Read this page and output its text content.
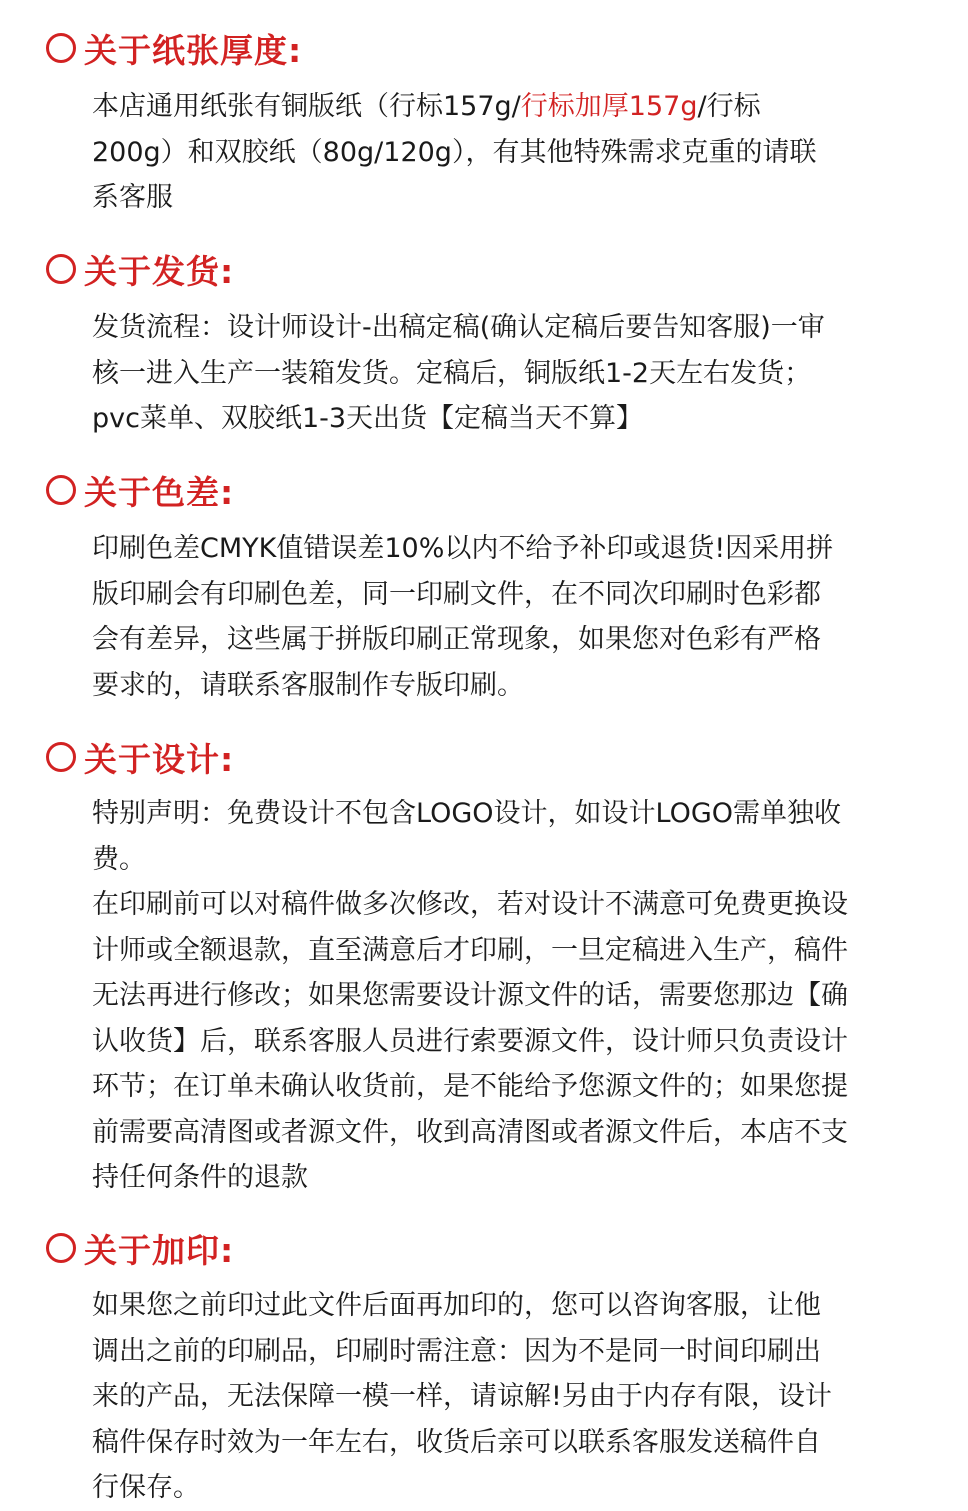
关于纸张厚度:

本店通用纸张有铜版纸（行标157g/行标加厚157g/行标
200g）和双胶纸（80g/120g），有其他特殊需求克重的请联
系客服

关于发货:

发货流程：设计师设计-出稿定稿(确认定稿后要告知客服)一审
核一进入生产一装箱发货。定稿后，铜版纸1-2天左右发货；
pvc菜单、双胶纸1-3天出货【定稿当天不算】

关于色差:

印刷色差CMYK值错误差10%以内不给予补印或退货!因采用拼
版印刷会有印刷色差，同一印刷文件，在不同次印刷时色彩都
会有差异，这些属于拼版印刷正常现象，如果您对色彩有严格
要求的，请联系客服制作专版印刷。

关于设计:

特别声明：免费设计不包含LOGO设计，如设计LOGO需单独收
费。
在印刷前可以对稿件做多次修改，若对设计不满意可免费更换设
计师或全额退款，直至满意后才印刷，一旦定稿进入生产，稿件
无法再进行修改；如果您需要设计源文件的话，需要您那边【确
认收货】后，联系客服人员进行索要源文件，设计师只负责设计
环节；在订单未确认收货前，是不能给予您源文件的；如果您提
前需要高清图或者源文件，收到高清图或者源文件后，本店不支
持任何条件的退款

关于加印:

如果您之前印过此文件后面再加印的，您可以咨询客服，让他
调出之前的印刷品，印刷时需注意：因为不是同一时间印刷出
来的产品，无法保障一模一样，请谅解!另由于内存有限，设计
稿件保存时效为一年左右，收货后亲可以联系客服发送稿件自
行保存。
